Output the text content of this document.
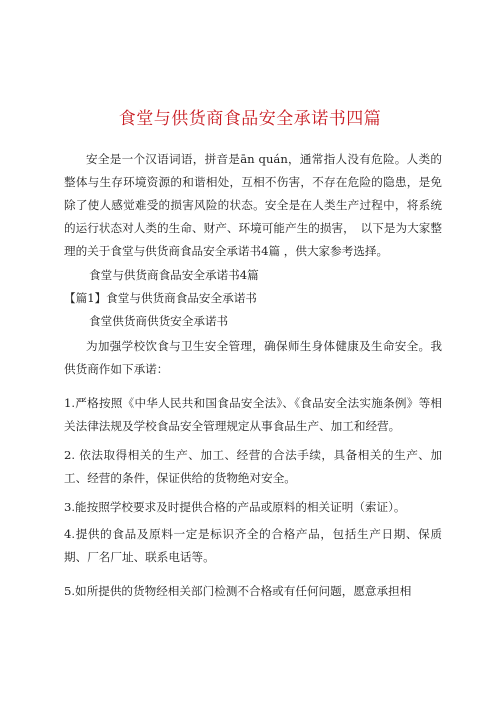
食堂与供货商食品安全承诺书四篇

安全是一个汉语词语，拼音是ān quán，通常指人没有危险。人类的整体与生存环境资源的和谐相处，互相不伤害，不存在危险的隐患，是免除了使人感觉难受的损害风险的状态。安全是在人类生产过程中，将系统的运行状态对人类的生命、财产、环境可能产生的损害，　以下是为大家整理的关于食堂与供货商食品安全承诺书4篇 ，供大家参考选择。

食堂与供货商食品安全承诺书4篇

【篇1】食堂与供货商食品安全承诺书

食堂供货商供货安全承诺书

为加强学校饮食与卫生安全管理，确保师生身体健康及生命安全。我供货商作如下承诺：

1.严格按照《中华人民共和国食品安全法》、《食品安全法实施条例》等相关法律法规及学校食品安全管理规定从事食品生产、加工和经营。

2. 依法取得相关的生产、加工、经营的合法手续，具备相关的生产、加工、经营的条件，保证供给的货物绝对安全。

3.能按照学校要求及时提供合格的产品或原料的相关证明（索证）。

4.提供的食品及原料一定是标识齐全的合格产品，包括生产日期、保质期、厂名厂址、联系电话等。

5.如所提供的货物经相关部门检测不合格或有任何问题，愿意承担相
